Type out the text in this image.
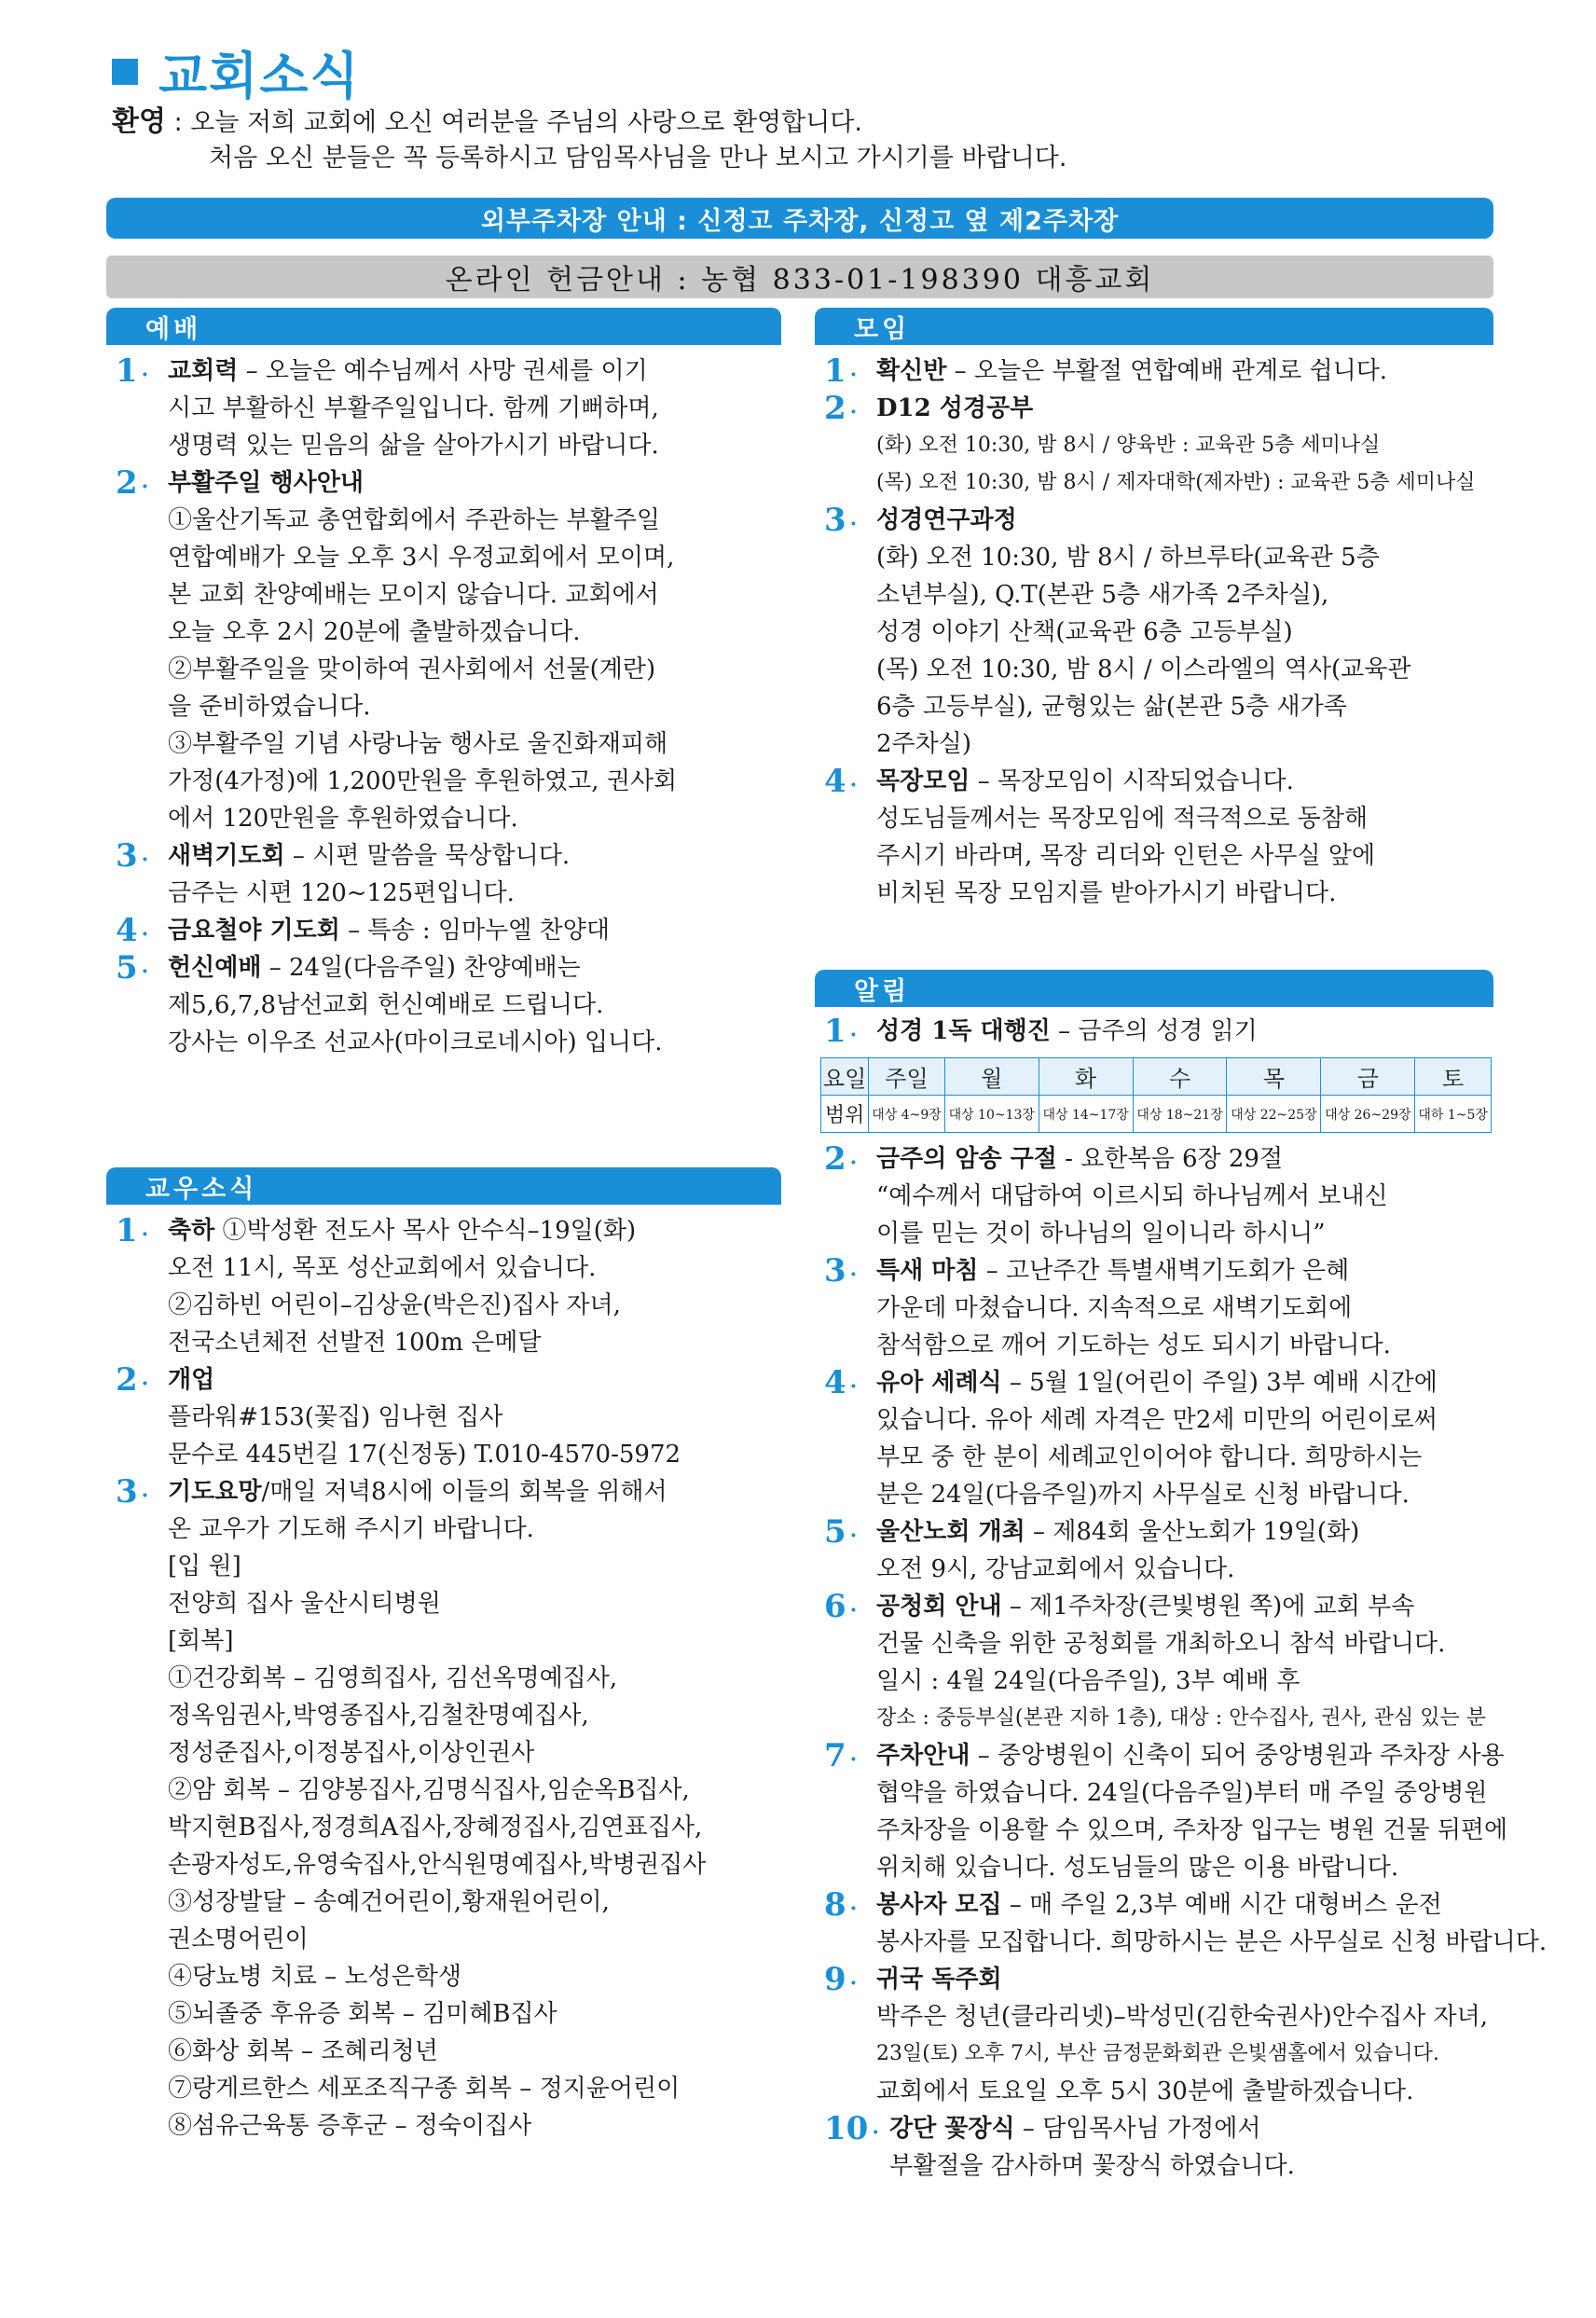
교회소식
환영 : 오늘 저희 교회에 오신 여러분을 주님의 사랑으로 환영합니다.
처음 오신 분들은 꼭 등록하시고 담임목사님을 만나 보시고 가시기를 바랍니다.
외부주차장 안내 : 신정고 주차장, 신정고 옆 제2주차장
온라인 헌금안내 : 농협 833-01-198390 대흥교회
예배	모임
알림
교우소식
1 · 교회력 – 오늘은 예수님께서 사망 권세를 이기
시고 부활하신 부활주일입니다. 함께 기뻐하며,
생명력 있는 믿음의 삶을 살아가시기 바랍니다.
2 · 부활주일 행사안내
①울산기독교 총연합회에서 주관하는 부활주일
연합예배가 오늘 오후 3시 우정교회에서 모이며,
본 교회 찬양예배는 모이지 않습니다. 교회에서
오늘 오후 2시 20분에 출발하겠습니다.
②부활주일을 맞이하여 권사회에서 선물(계란)
을 준비하였습니다.
③부활주일 기념 사랑나눔 행사로 울진화재피해
가정(4가정)에 1,200만원을 후원하였고, 권사회
에서 120만원을 후원하였습니다.
3 · 새벽기도회 – 시편 말씀을 묵상합니다.
금주는 시편 120~125편입니다.
4 · 금요철야 기도회 – 특송 : 임마누엘 찬양대
5 · 헌신예배 – 24일(다음주일) 찬양예배는
제5,6,7,8남선교회 헌신예배로 드립니다.
강사는 이우조 선교사(마이크로네시아) 입니다.
1 · 축하 ①박성환 전도사 목사 안수식–19일(화)
오전 11시, 목포 성산교회에서 있습니다.
②김하빈 어린이–김상윤(박은진)집사 자녀,
전국소년체전 선발전 100m 은메달
2 · 개업
플라워#153(꽃집) 임나현 집사
문수로 445번길 17(신정동) T.010-4570-5972
3 · 기도요망/매일 저녁8시에 이들의 회복을 위해서
온 교우가 기도해 주시기 바랍니다.
[입 원]
전양희 집사 울산시티병원
[회복]
①건강회복 – 김영희집사, 김선옥명예집사,
정옥임권사,박영종집사,김철찬명예집사,
정성준집사,이정봉집사,이상인권사
②암 회복 – 김양봉집사,김명식집사,임순옥B집사,
박지현B집사,정경희A집사,장혜정집사,김연표집사,
손광자성도,유영숙집사,안식원명예집사,박병권집사
③성장발달 – 송예건어린이,황재원어린이,
권소명어린이
④당뇨병 치료 – 노성은학생
⑤뇌졸중 후유증 회복 – 김미혜B집사
⑥화상 회복 – 조혜리청년
⑦랑게르한스 세포조직구종 회복 – 정지윤어린이
⑧섬유근육통 증후군 – 정숙이집사
1 · 확신반 – 오늘은 부활절 연합예배 관계로 쉽니다.
2 · D12 성경공부
(화) 오전 10:30, 밤 8시 / 양육반 : 교육관 5층 세미나실
(목) 오전 10:30, 밤 8시 / 제자대학(제자반) : 교육관 5층 세미나실
3 · 성경연구과정
(화) 오전 10:30, 밤 8시 / 하브루타(교육관 5층
소년부실), Q.T(본관 5층 새가족 2주차실),
성경 이야기 산책(교육관 6층 고등부실)
(목) 오전 10:30, 밤 8시 / 이스라엘의 역사(교육관
6층 고등부실), 균형있는 삶(본관 5층 새가족
2주차실)
4 · 목장모임 – 목장모임이 시작되었습니다.
성도님들께서는 목장모임에 적극적으로 동참해
주시기 바라며, 목장 리더와 인턴은 사무실 앞에
비치된 목장 모임지를 받아가시기 바랍니다.
1 · 성경 1독 대행진 – 금주의 성경 읽기
요일	주일	월	화	수	목	금	토
범위	대상 4~9장	대상 10~13장	대상 14~17장	대상 18~21장	대상 22~25장	대상 26~29장	대하 1~5장
2 · 금주의 암송 구절 - 요한복음 6장 29절
“예수께서 대답하여 이르시되 하나님께서 보내신
이를 믿는 것이 하나님의 일이니라 하시니”
3 · 특새 마침 – 고난주간 특별새벽기도회가 은혜
가운데 마쳤습니다. 지속적으로 새벽기도회에
참석함으로 깨어 기도하는 성도 되시기 바랍니다.
4 · 유아 세례식 – 5월 1일(어린이 주일) 3부 예배 시간에
있습니다. 유아 세례 자격은 만2세 미만의 어린이로써
부모 중 한 분이 세례교인이어야 합니다. 희망하시는
분은 24일(다음주일)까지 사무실로 신청 바랍니다.
5 · 울산노회 개최 – 제84회 울산노회가 19일(화)
오전 9시, 강남교회에서 있습니다.
6 · 공청회 안내 – 제1주차장(큰빛병원 쪽)에 교회 부속
건물 신축을 위한 공청회를 개최하오니 참석 바랍니다.
일시 : 4월 24일(다음주일), 3부 예배 후
장소 : 중등부실(본관 지하 1층), 대상 : 안수집사, 권사, 관심 있는 분
7 · 주차안내 – 중앙병원이 신축이 되어 중앙병원과 주차장 사용
협약을 하였습니다. 24일(다음주일)부터 매 주일 중앙병원
주차장을 이용할 수 있으며, 주차장 입구는 병원 건물 뒤편에
위치해 있습니다. 성도님들의 많은 이용 바랍니다.
8 · 봉사자 모집 – 매 주일 2,3부 예배 시간 대형버스 운전
봉사자를 모집합니다. 희망하시는 분은 사무실로 신청 바랍니다.
9 · 귀국 독주회
박주은 청년(클라리넷)–박성민(김한숙권사)안수집사 자녀,
23일(토) 오후 7시, 부산 금정문화회관 은빛샘홀에서 있습니다.
교회에서 토요일 오후 5시 30분에 출발하겠습니다.
10 · 강단 꽃장식 – 담임목사님 가정에서
부활절을 감사하며 꽃장식 하였습니다.
